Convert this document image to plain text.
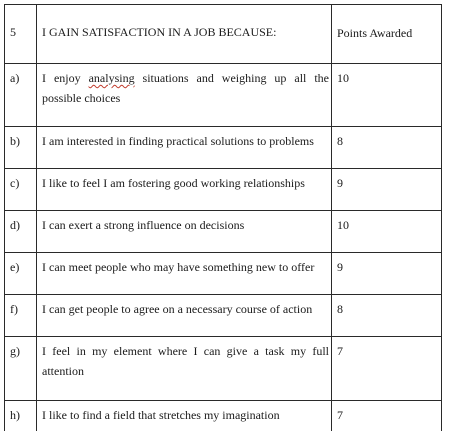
5	I GAIN SATISFACTION IN A JOB BECAUSE:	Points Awarded
a)	I enjoy analysing situations and weighing up all the possible choices	10
b)	I am interested in finding practical solutions to problems	8
c)	I like to feel I am fostering good working relationships	9
d)	I can exert a strong influence on decisions	10
e)	I can meet people who may have something new to offer	9
f)	I can get people to agree on a necessary course of action	8
g)	I feel in my element where I can give a task my full attention	7
h)	I like to find a field that stretches my imagination	7
